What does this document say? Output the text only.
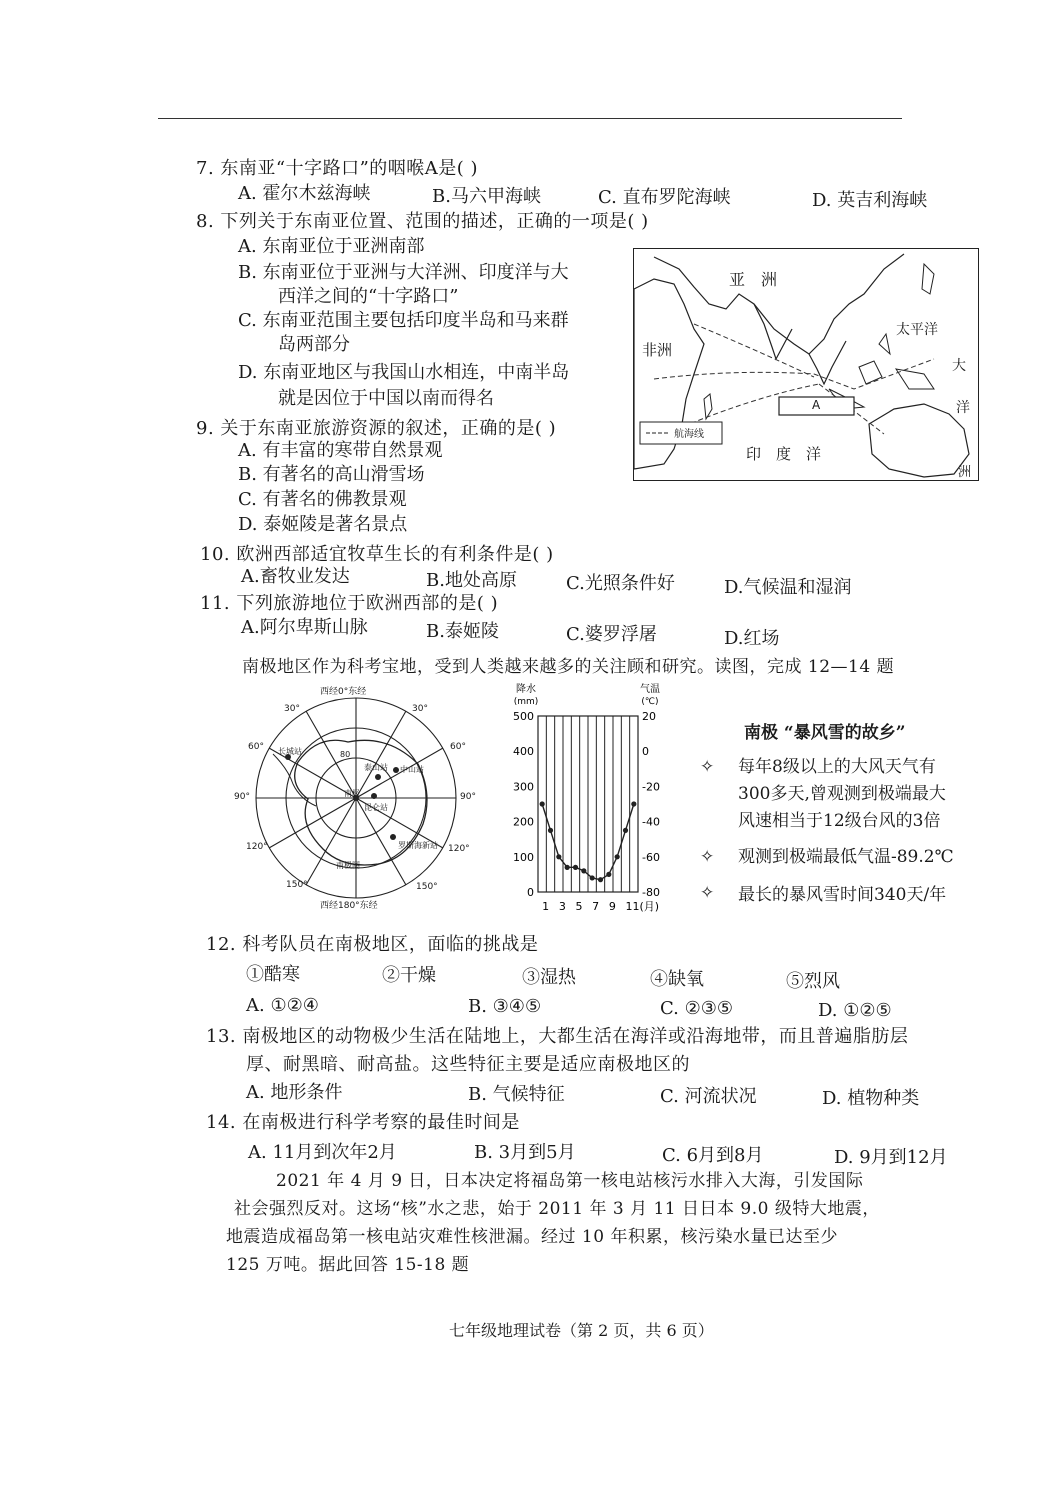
7. 东南亚“十字路口”的咽喉A是( )
A. 霍尔木兹海峡	B.马六甲海峡	C. 直布罗陀海峡	D. 英吉利海峡
8. 下列关于东南亚位置、范围的描述，正确的一项是( )
A. 东南亚位于亚洲南部
B. 东南亚位于亚洲与大洋洲、印度洋与大
西洋之间的“十字路口”
C. 东南亚范围主要包括印度半岛和马来群
岛两部分
D. 东南亚地区与我国山水相连，中南半岛
就是因位于中国以南而得名
亚　洲
非洲
太平洋
大
洋
洲
印　度　洋
A
航海线
9. 关于东南亚旅游资源的叙述，正确的是( )
A. 有丰富的寒带自然景观
B. 有著名的高山滑雪场
C. 有著名的佛教景观
D. 泰姬陵是著名景点
10. 欧洲西部适宜牧草生长的有利条件是( )
A.畜牧业发达	B.地处高原	C.光照条件好	D.气候温和湿润
11. 下列旅游地位于欧洲西部的是( )
A.阿尔卑斯山脉	B.泰姬陵	C.婆罗浮屠	D.红场
南极地区作为科考宝地，受到人类越来越多的关注顾和研究。读图，完成 12—14 题
西经0°东经
西经180°东经
30°	30°
60°	60°
90°	90°
120°	120°
150°	150°
80
长城站
泰山站 中山站
昆仑站
罗斯海新站
南极
南极圈
500	20
400	0
300	-20
200	-40
100	-60
0	-80
降水
(mm)
气温
(℃)
1 3 5 7 9 11(月)
南极 “暴风雪的故乡”
✧ 每年8级以上的大风天气有
300多天,曾观测到极端最大
风速相当于12级台风的3倍
✧ 观测到极端最低气温-89.2℃
✧ 最长的暴风雪时间340天/年
12. 科考队员在南极地区，面临的挑战是
①酷寒	②干燥	③湿热	④缺氧	⑤烈风
A. ①②④	B. ③④⑤	C. ②③⑤	D. ①②⑤
13. 南极地区的动物极少生活在陆地上，大都生活在海洋或沿海地带，而且普遍脂肪层
厚、耐黑暗、耐高盐。这些特征主要是适应南极地区的
A. 地形条件	B. 气候特征	C. 河流状况	D. 植物种类
14. 在南极进行科学考察的最佳时间是
A. 11月到次年2月	B. 3月到5月	C. 6月到8月	D. 9月到12月
2021 年 4 月 9 日，日本决定将福岛第一核电站核污水排入大海，引发国际
社会强烈反对。这场“核”水之悲，始于 2011 年 3 月 11 日日本 9.0 级特大地震，
地震造成福岛第一核电站灾难性核泄漏。经过 10 年积累，核污染水量已达至少
125 万吨。据此回答 15-18 题
七年级地理试卷（第 2 页，共 6 页）
